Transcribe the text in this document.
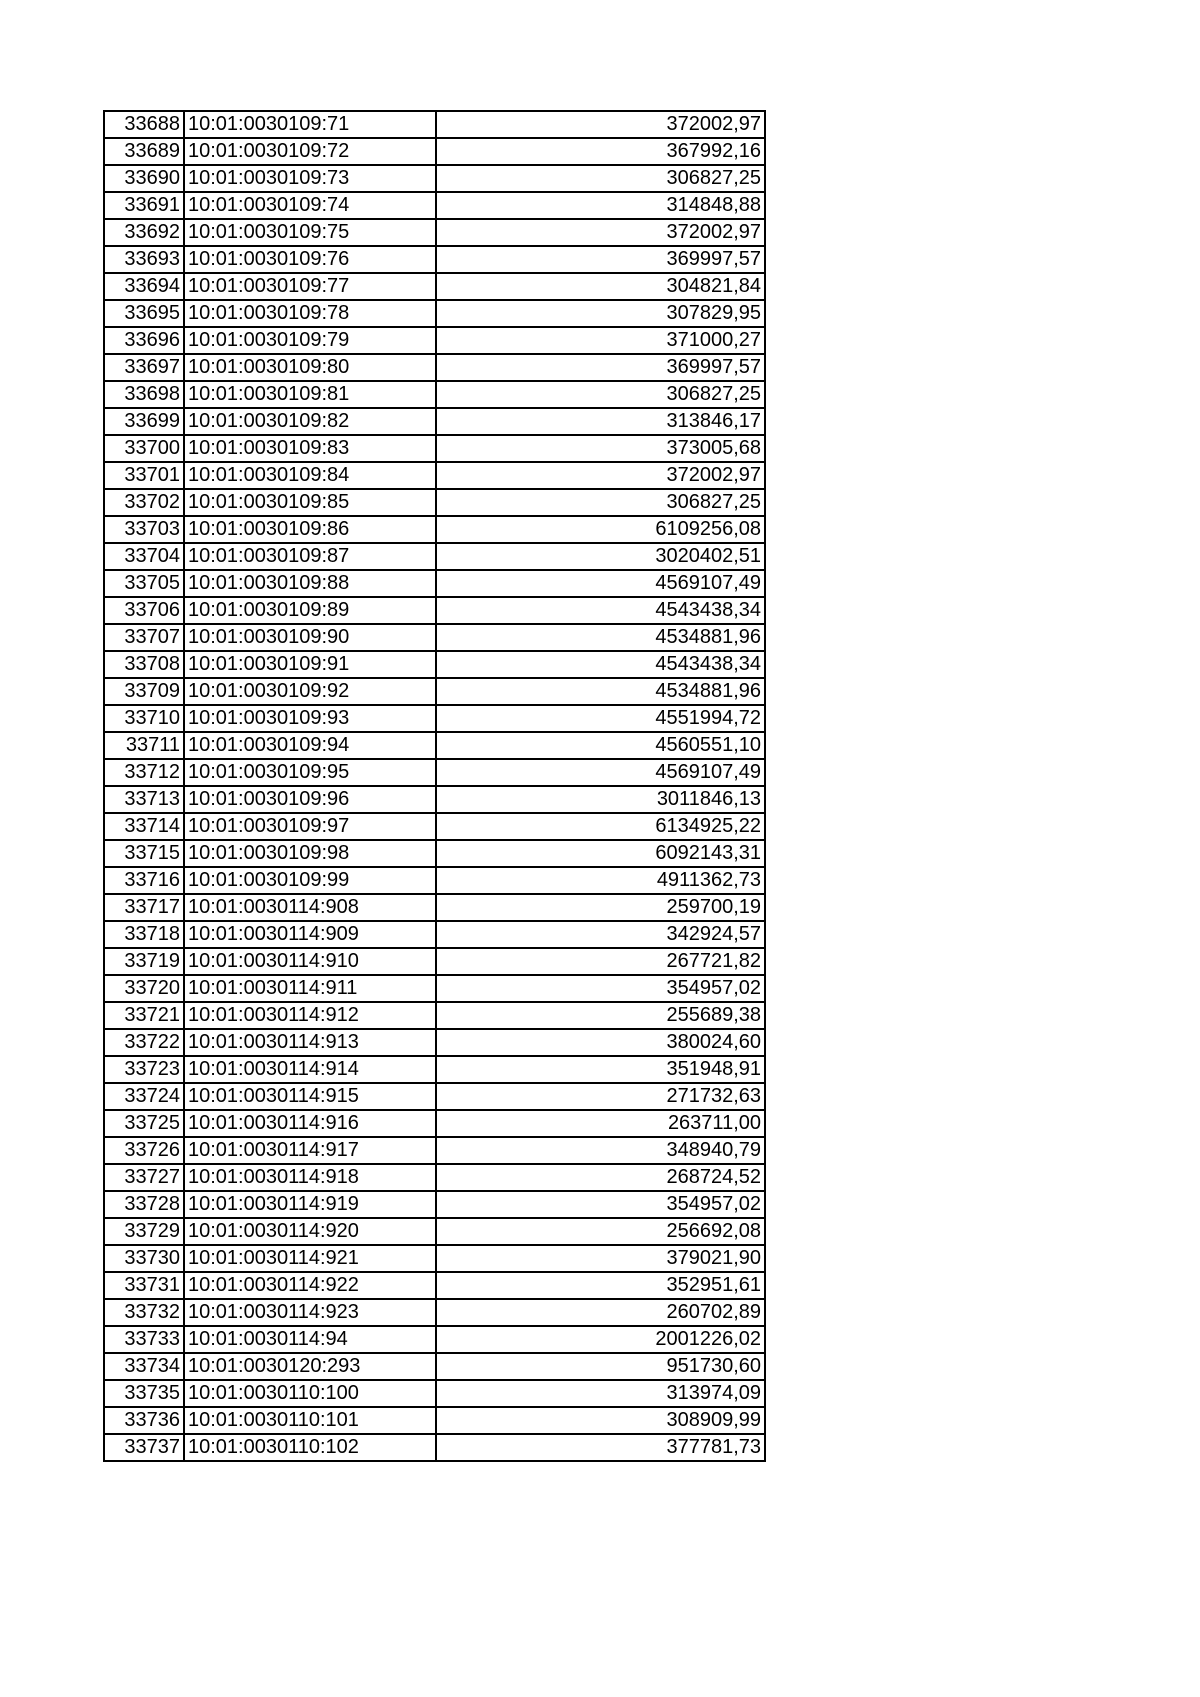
33688	10:01:0030109:71	372002,97
33689	10:01:0030109:72	367992,16
33690	10:01:0030109:73	306827,25
33691	10:01:0030109:74	314848,88
33692	10:01:0030109:75	372002,97
33693	10:01:0030109:76	369997,57
33694	10:01:0030109:77	304821,84
33695	10:01:0030109:78	307829,95
33696	10:01:0030109:79	371000,27
33697	10:01:0030109:80	369997,57
33698	10:01:0030109:81	306827,25
33699	10:01:0030109:82	313846,17
33700	10:01:0030109:83	373005,68
33701	10:01:0030109:84	372002,97
33702	10:01:0030109:85	306827,25
33703	10:01:0030109:86	6109256,08
33704	10:01:0030109:87	3020402,51
33705	10:01:0030109:88	4569107,49
33706	10:01:0030109:89	4543438,34
33707	10:01:0030109:90	4534881,96
33708	10:01:0030109:91	4543438,34
33709	10:01:0030109:92	4534881,96
33710	10:01:0030109:93	4551994,72
33711	10:01:0030109:94	4560551,10
33712	10:01:0030109:95	4569107,49
33713	10:01:0030109:96	3011846,13
33714	10:01:0030109:97	6134925,22
33715	10:01:0030109:98	6092143,31
33716	10:01:0030109:99	4911362,73
33717	10:01:0030114:908	259700,19
33718	10:01:0030114:909	342924,57
33719	10:01:0030114:910	267721,82
33720	10:01:0030114:911	354957,02
33721	10:01:0030114:912	255689,38
33722	10:01:0030114:913	380024,60
33723	10:01:0030114:914	351948,91
33724	10:01:0030114:915	271732,63
33725	10:01:0030114:916	263711,00
33726	10:01:0030114:917	348940,79
33727	10:01:0030114:918	268724,52
33728	10:01:0030114:919	354957,02
33729	10:01:0030114:920	256692,08
33730	10:01:0030114:921	379021,90
33731	10:01:0030114:922	352951,61
33732	10:01:0030114:923	260702,89
33733	10:01:0030114:94	2001226,02
33734	10:01:0030120:293	951730,60
33735	10:01:0030110:100	313974,09
33736	10:01:0030110:101	308909,99
33737	10:01:0030110:102	377781,73
